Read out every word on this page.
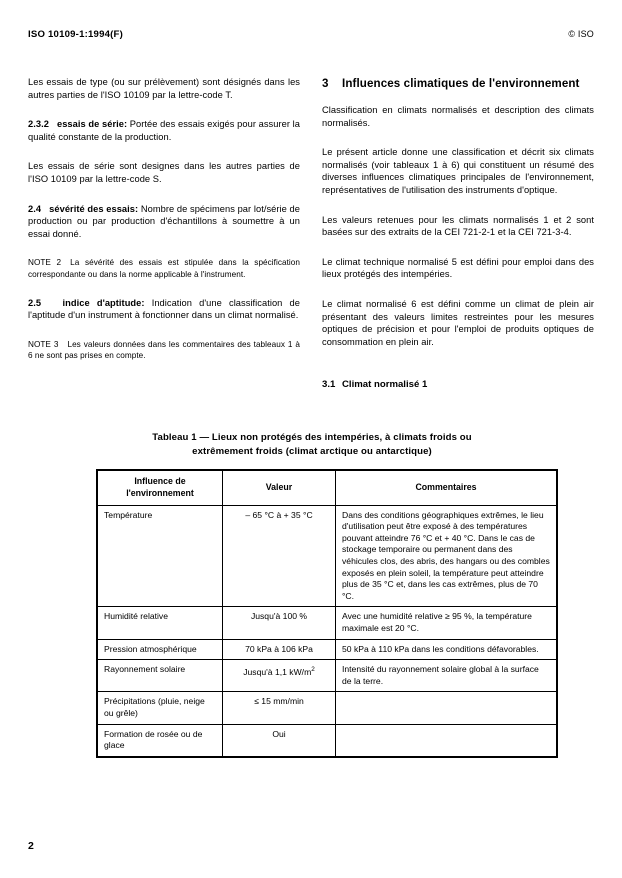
ISO 10109-1:1994(F)	© ISO

Les essais de type (ou sur prélèvement) sont désignés dans les autres parties de l'ISO 10109 par la lettre-code T.

2.3.2 essais de série: Portée des essais exigés pour assurer la qualité constante de la production.

Les essais de série sont designes dans les autres parties de l'ISO 10109 par la lettre-code S.

2.4 sévérité des essais: Nombre de spécimens par lot/série de production ou par production d'échantillons à soumettre à un essai donné.

NOTE 2 La sévérité des essais est stipulée dans la spécification correspondante ou dans la norme applicable à l'instrument.

2.5 indice d'aptitude: Indication d'une classification de l'aptitude d'un instrument à fonctionner dans un climat normalisé.

NOTE 3 Les valeurs données dans les commentaires des tableaux 1 à 6 ne sont pas prises en compte.

3 Influences climatiques de l'environnement

Classification en climats normalisés et description des climats normalisés.

Le présent article donne une classification et décrit six climats normalisés (voir tableaux 1 à 6) qui constituent un résumé des diverses influences climatiques principales de l'environnement, représentatives de l'utilisation des instruments d'optique.

Les valeurs retenues pour les climats normalisés 1 et 2 sont basées sur des extraits de la CEI 721-2-1 et la CEI 721-3-4.

Le climat technique normalisé 5 est défini pour emploi dans des lieux protégés des intempéries.

Le climat normalisé 6 est défini comme un climat de plein air présentant des valeurs limites restreintes pour les mesures optiques de précision et pour l'emploi de produits optiques de consommation en plein air.

3.1 Climat normalisé 1
Tableau 1 — Lieux non protégés des intempéries, à climats froids ou
extrêmement froids (climat arctique ou antarctique)
Influence de
l'environnement	Valeur	Commentaires
Température	– 65 °C à + 35 °C	Dans des conditions géographiques extrêmes, le lieu d'utilisation peut être exposé à des températures pouvant atteindre 76 °C et + 40 °C. Dans le cas de stockage temporaire ou permanent dans des véhicules clos, des abris, des hangars ou des combles exposés en plein soleil, la température peut atteindre plus de 35 °C et, dans les cas extrêmes, plus de 70 °C.
Humidité relative	Jusqu'à 100 %	Avec une humidité relative ≥ 95 %, la température maximale est 20 °C.
Pression atmosphérique	70 kPa à 106 kPa	50 kPa à 110 kPa dans les conditions défavorables.
Rayonnement solaire	Jusqu'à 1,1 $kW/m^2$	Intensité du rayonnement solaire global à la surface de la terre.
Précipitations (pluie, neige ou grêle)	≤ 15 mm/min	
Formation de rosée ou de glace	Oui	
2
